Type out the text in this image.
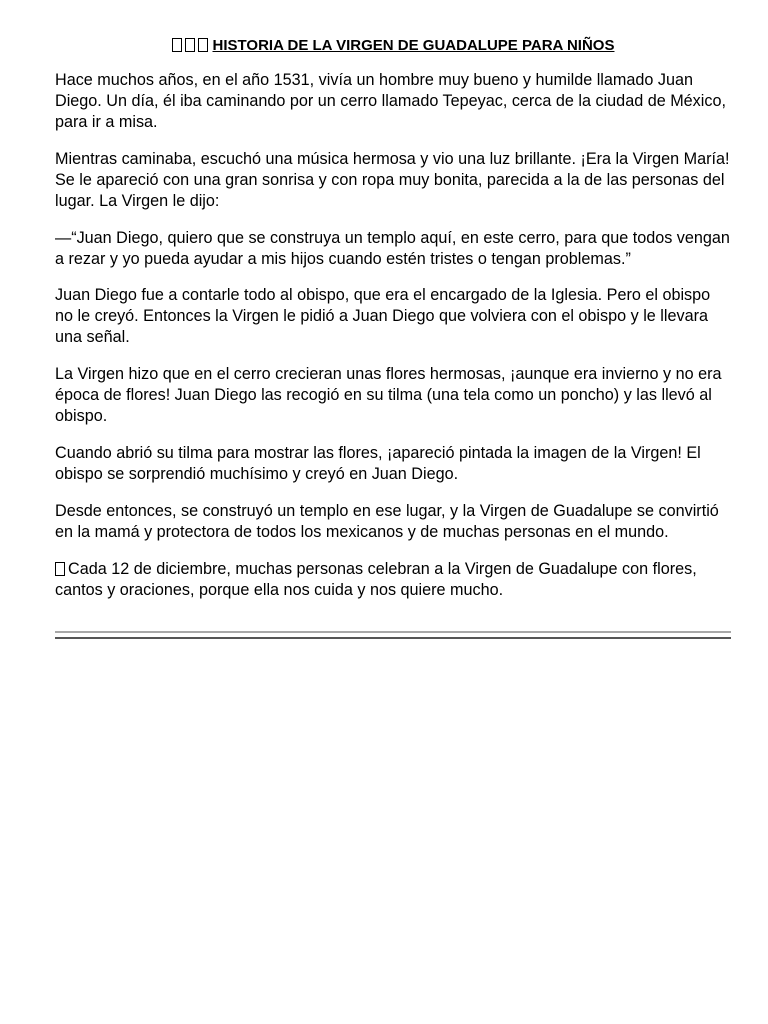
HISTORIA DE LA VIRGEN DE GUADALUPE PARA NIÑOS

Hace muchos años, en el año 1531, vivía un hombre muy bueno y humilde llamado Juan Diego. Un día, él iba caminando por un cerro llamado Tepeyac, cerca de la ciudad de México, para ir a misa.

Mientras caminaba, escuchó una música hermosa y vio una luz brillante. ¡Era la Virgen María! Se le apareció con una gran sonrisa y con ropa muy bonita, parecida a la de las personas del lugar. La Virgen le dijo:

—“Juan Diego, quiero que se construya un templo aquí, en este cerro, para que todos vengan a rezar y yo pueda ayudar a mis hijos cuando estén tristes o tengan problemas.”

Juan Diego fue a contarle todo al obispo, que era el encargado de la Iglesia. Pero el obispo no le creyó. Entonces la Virgen le pidió a Juan Diego que volviera con el obispo y le llevara una señal.

La Virgen hizo que en el cerro crecieran unas flores hermosas, ¡aunque era invierno y no era época de flores! Juan Diego las recogió en su tilma (una tela como un poncho) y las llevó al obispo.

Cuando abrió su tilma para mostrar las flores, ¡apareció pintada la imagen de la Virgen! El obispo se sorprendió muchísimo y creyó en Juan Diego.

Desde entonces, se construyó un templo en ese lugar, y la Virgen de Guadalupe se convirtió en la mamá y protectora de todos los mexicanos y de muchas personas en el mundo.

Cada 12 de diciembre, muchas personas celebran a la Virgen de Guadalupe con flores, cantos y oraciones, porque ella nos cuida y nos quiere mucho.
